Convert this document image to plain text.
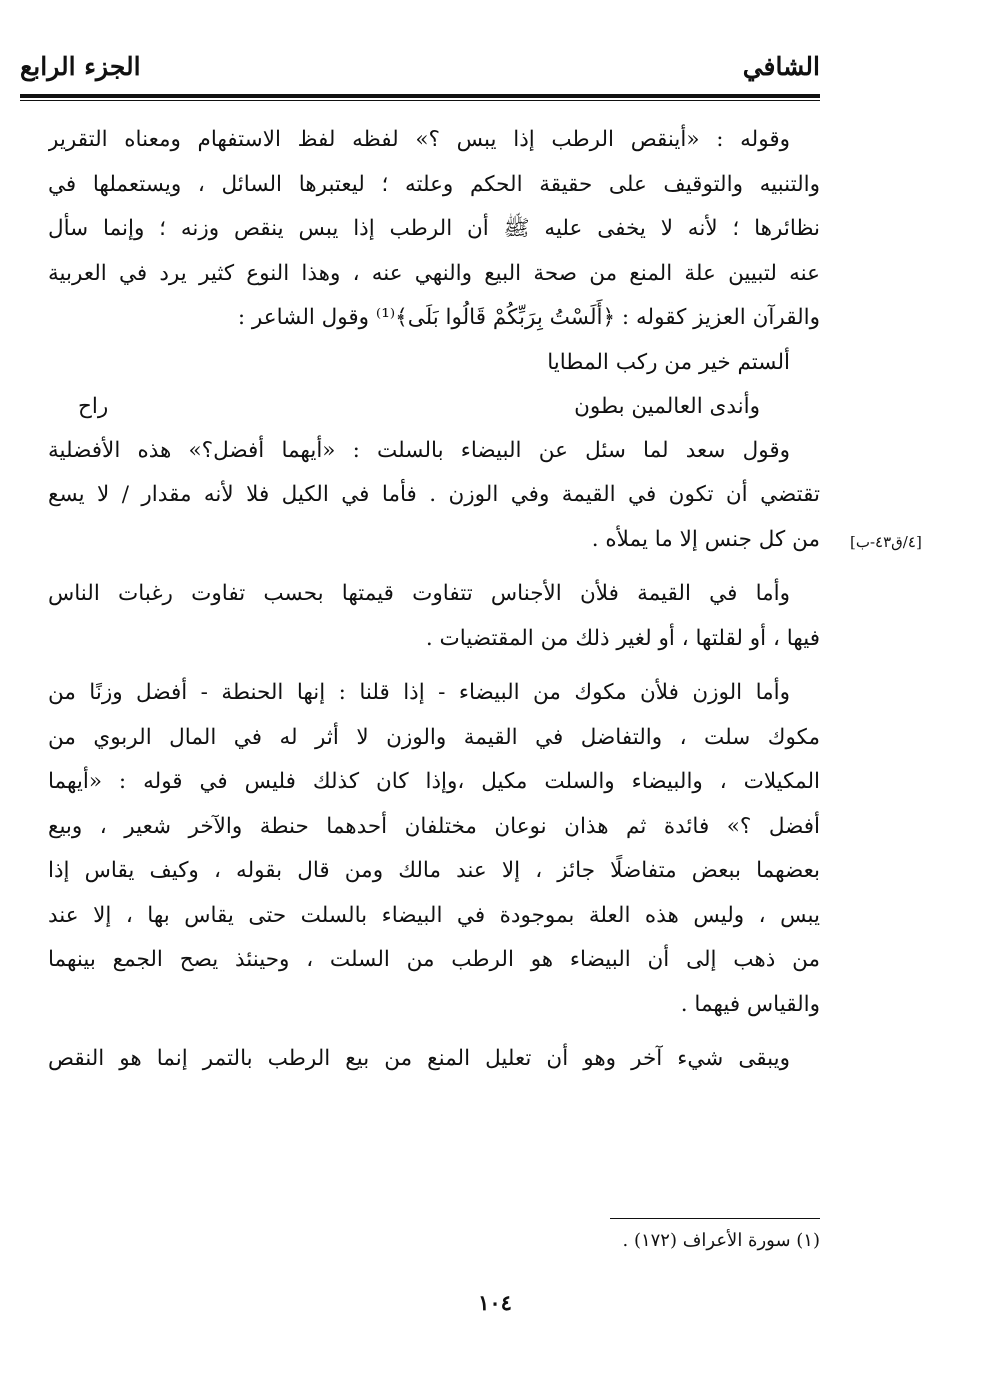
الشافي
الجزء الرابع
وقوله : «أينقص الرطب إذا يبس ؟» لفظه لفظ الاستفهام ومعناه التقرير
والتنبيه والتوقيف على حقيقة الحكم وعلته ؛ ليعتبرها السائل ، ويستعملها في
نظائرها ؛ لأنه لا يخفى عليه ﷺ أن الرطب إذا يبس ينقص وزنه ؛ وإنما سأل
عنه لتبيين علة المنع من صحة البيع والنهي عنه ، وهذا النوع كثير يرد في العربية
والقرآن العزيز كقوله : ﴿أَلَسْتُ بِرَبِّكُمْ قَالُوا بَلَى﴾⁽¹⁾ وقول الشاعر :
ألستم خير من ركب المطايا
وأندى العالمين بطون
راح
وقول سعد لما سئل عن البيضاء بالسلت : «أيهما أفضل؟» هذه الأفضلية
تقتضي أن تكون في القيمة وفي الوزن . فأما في الكيل فلا لأنه مقدار / لا يسع
من كل جنس إلا ما يملأه .
وأما في القيمة فلأن الأجناس تتفاوت قيمتها بحسب تفاوت رغبات الناس
فيها ، أو لقلتها ، أو لغير ذلك من المقتضيات .
وأما الوزن فلأن مكوك من البيضاء - إذا قلنا : إنها الحنطة - أفضل وزنًا من
مكوك سلت ، والتفاضل في القيمة والوزن لا أثر له في المال الربوي من
المكيلات ، والبيضاء والسلت مكيل ،وإذا كان كذلك فليس في قوله : «أيهما
أفضل ؟» فائدة ثم هذان نوعان مختلفان أحدهما حنطة والآخر شعير ، وبيع
بعضهما ببعض متفاضلًا جائز ، إلا عند مالك ومن قال بقوله ، وكيف يقاس إذا
يبس ، وليس هذه العلة بموجودة في البيضاء بالسلت حتى يقاس بها ، إلا عند
من ذهب إلى أن البيضاء هو الرطب من السلت ، وحينئذ يصح الجمع بينهما
والقياس فيهما .
ويبقى شيء آخر وهو أن تعليل المنع من بيع الرطب بالتمر إنما هو النقص
[٤/ق٤٣-ب]
(١) سورة الأعراف (١٧٢) .
١٠٤
